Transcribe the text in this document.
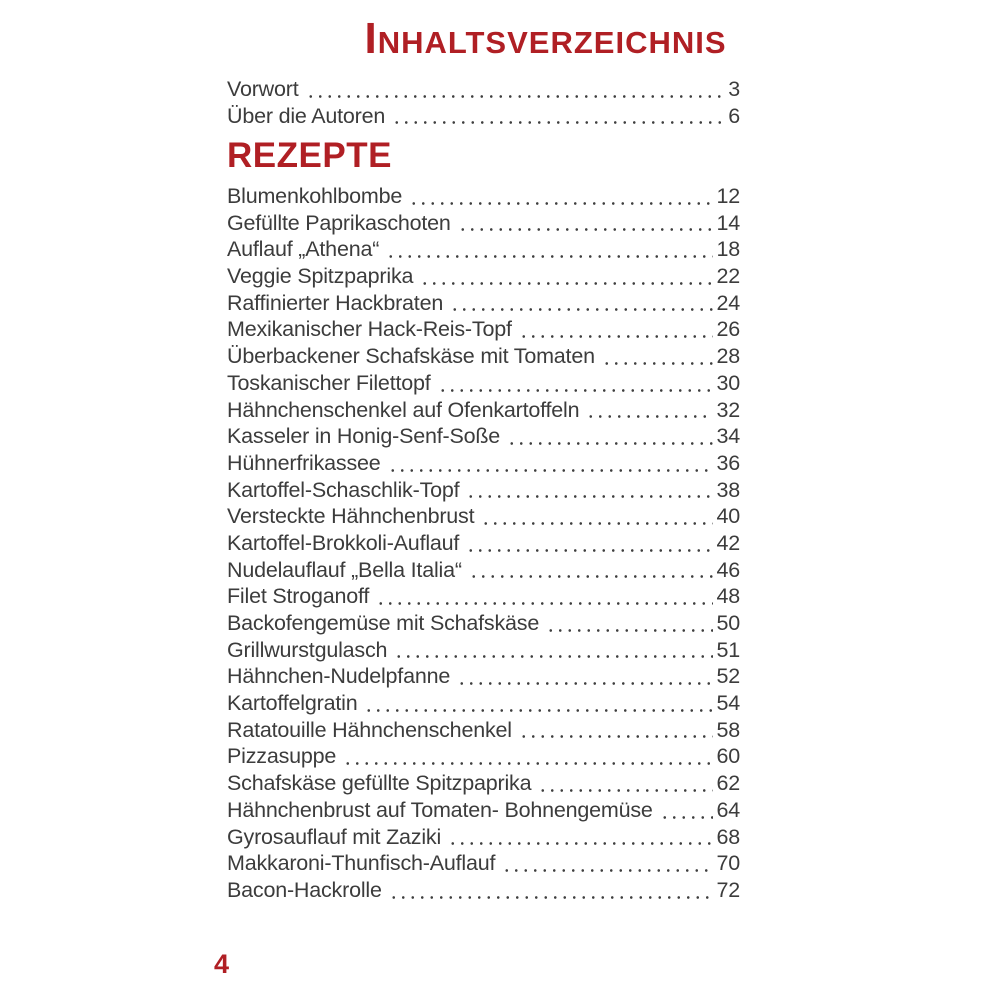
Inhaltsverzeichnis
Vorwort	3
Über die Autoren	6
REZEPTE
Blumenkohlbombe	12
Gefüllte Paprikaschoten	14
Auflauf „Athena“	18
Veggie Spitzpaprika	22
Raffinierter Hackbraten	24
Mexikanischer Hack-Reis-Topf	26
Überbackener Schafskäse mit Tomaten	28
Toskanischer Filettopf	30
Hähnchenschenkel auf Ofenkartoffeln	32
Kasseler in Honig-Senf-Soße	34
Hühnerfrikassee	36
Kartoffel-Schaschlik-Topf	38
Versteckte Hähnchenbrust	40
Kartoffel-Brokkoli-Auflauf	42
Nudelauflauf „Bella Italia“	46
Filet Stroganoff	48
Backofengemüse mit Schafskäse	50
Grillwurstgulasch	51
Hähnchen-Nudelpfanne	52
Kartoffelgratin	54
Ratatouille Hähnchenschenkel	58
Pizzasuppe	60
Schafskäse gefüllte Spitzpaprika	62
Hähnchenbrust auf Tomaten- Bohnengemüse	64
Gyrosauflauf mit Zaziki	68
Makkaroni-Thunfisch-Auflauf	70
Bacon-Hackrolle	72
4
